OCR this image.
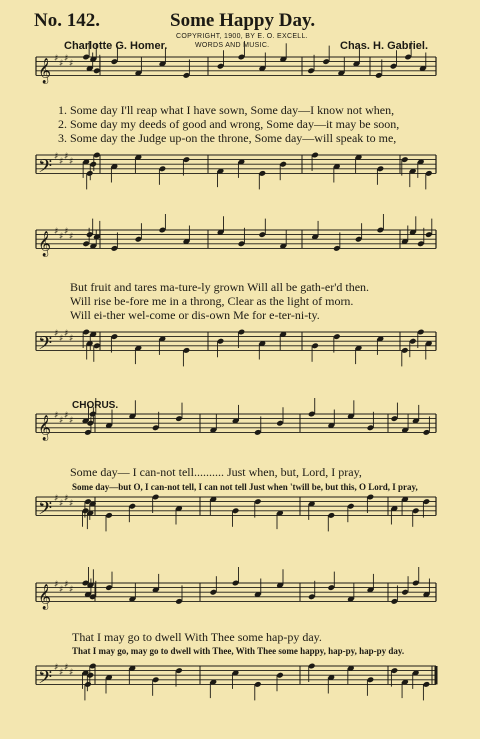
𝄞 ♯ ♯ ♯ ♯
𝄢 ♯ ♯ ♯ ♯
𝄞 ♯ ♯ ♯ ♯
𝄢 ♯ ♯ ♯ ♯
𝄞 ♯ ♯ ♯ ♯
𝄢 ♯ ♯ ♯ ♯
𝄞 ♯ ♯ ♯ ♯
𝄢 ♯ ♯ ♯ ♯
No. 142.	Some Happy Day.
COPYRIGHT, 1900, BY E. O. EXCELL.
WORDS AND MUSIC.
Charlotte G. Homer.	Chas. H. Gabriel.
1. Some day I'll reap what I have sown, Some day—I know not when,
2. Some day my deeds of good and wrong, Some day—it may be soon,
3. Some day the Judge up-on the throne, Some day—will speak to me,
But fruit and tares ma-ture-ly grown Will all be gath-er'd then.
Will rise be-fore me in a throng, Clear as the light of morn.
Will ei-ther wel-come or dis-own Me for e-ter-ni-ty.
CHORUS.
Some day— I can-not tell.......... Just when, but, Lord, I pray,
Some day—but O, I can-not tell, I can not tell Just when 'twill be, but this, O Lord, I pray,
That I may go to dwell With Thee some hap-py day.
That I may go, may go to dwell with Thee, With Thee some happy, hap-py, hap-py day.
